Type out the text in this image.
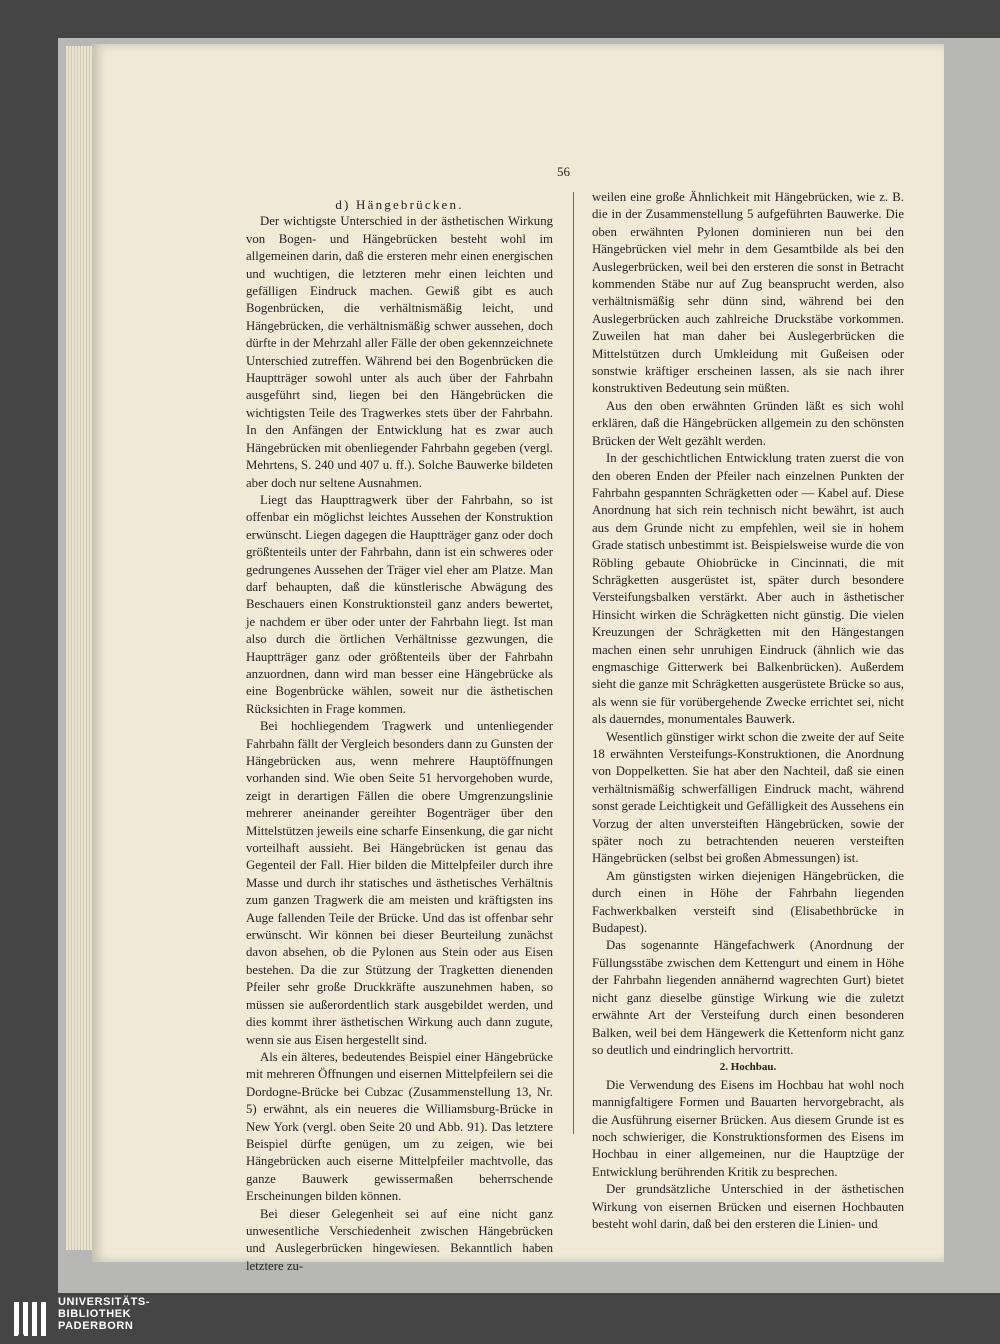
56

d) Hängebrücken.

Der wichtigste Unterschied in der ästhetischen Wirkung von Bogen- und Hängebrücken besteht wohl im allgemeinen darin, daß die ersteren mehr einen energischen und wuchtigen, die letzteren mehr einen leichten und gefälligen Eindruck machen. Gewiß gibt es auch Bogenbrücken, die verhältnismäßig leicht, und Hängebrücken, die verhältnismäßig schwer aussehen, doch dürfte in der Mehrzahl aller Fälle der oben gekennzeichnete Unterschied zutreffen. Während bei den Bogenbrücken die Hauptträger sowohl unter als auch über der Fahrbahn ausgeführt sind, liegen bei den Hängebrücken die wichtigsten Teile des Tragwerkes stets über der Fahrbahn. In den Anfängen der Entwicklung hat es zwar auch Hängebrücken mit obenliegender Fahrbahn gegeben (vergl. Mehrtens, S. 240 und 407 u. ff.). Solche Bauwerke bildeten aber doch nur seltene Ausnahmen.

Liegt das Haupttragwerk über der Fahrbahn, so ist offenbar ein möglichst leichtes Aussehen der Konstruktion erwünscht. Liegen dagegen die Hauptträger ganz oder doch größtenteils unter der Fahrbahn, dann ist ein schweres oder gedrungenes Aussehen der Träger viel eher am Platze. Man darf behaupten, daß die künstlerische Abwägung des Beschauers einen Konstruktionsteil ganz anders bewertet, je nachdem er über oder unter der Fahrbahn liegt. Ist man also durch die örtlichen Verhältnisse gezwungen, die Hauptträger ganz oder größtenteils über der Fahrbahn anzuordnen, dann wird man besser eine Hängebrücke als eine Bogenbrücke wählen, soweit nur die ästhetischen Rücksichten in Frage kommen.

Bei hochliegendem Tragwerk und untenliegender Fahrbahn fällt der Vergleich besonders dann zu Gunsten der Hängebrücken aus, wenn mehrere Hauptöffnungen vorhanden sind. Wie oben Seite 51 hervorgehoben wurde, zeigt in derartigen Fällen die obere Umgrenzungslinie mehrerer aneinander gereihter Bogenträger über den Mittelstützen jeweils eine scharfe Einsenkung, die gar nicht vorteilhaft aussieht. Bei Hängebrücken ist genau das Gegenteil der Fall. Hier bilden die Mittelpfeiler durch ihre Masse und durch ihr statisches und ästhetisches Verhältnis zum ganzen Tragwerk die am meisten und kräftigsten ins Auge fallenden Teile der Brücke. Und das ist offenbar sehr erwünscht. Wir können bei dieser Beurteilung zunächst davon absehen, ob die Pylonen aus Stein oder aus Eisen bestehen. Da die zur Stützung der Tragketten dienenden Pfeiler sehr große Druckkräfte auszunehmen haben, so müssen sie außerordentlich stark ausgebildet werden, und dies kommt ihrer ästhetischen Wirkung auch dann zugute, wenn sie aus Eisen hergestellt sind.

Als ein älteres, bedeutendes Beispiel einer Hängebrücke mit mehreren Öffnungen und eisernen Mittelpfeilern sei die Dordogne-Brücke bei Cubzac (Zusammenstellung 13, Nr. 5) erwähnt, als ein neueres die Williamsburg-Brücke in New York (vergl. oben Seite 20 und Abb. 91). Das letztere Beispiel dürfte genügen, um zu zeigen, wie bei Hängebrücken auch eiserne Mittelpfeiler machtvolle, das ganze Bauwerk gewissermaßen beherrschende Erscheinungen bilden können.

Bei dieser Gelegenheit sei auf eine nicht ganz unwesentliche Verschiedenheit zwischen Hängebrücken und Auslegerbrücken hingewiesen. Bekanntlich haben letztere zu-

weilen eine große Ähnlichkeit mit Hängebrücken, wie z. B. die in der Zusammenstellung 5 aufgeführten Bauwerke. Die oben erwähnten Pylonen dominieren nun bei den Hängebrücken viel mehr in dem Gesamtbilde als bei den Auslegerbrücken, weil bei den ersteren die sonst in Betracht kommenden Stäbe nur auf Zug beansprucht werden, also verhältnismäßig sehr dünn sind, während bei den Auslegerbrücken auch zahlreiche Druckstäbe vorkommen. Zuweilen hat man daher bei Auslegerbrücken die Mittelstützen durch Umkleidung mit Gußeisen oder sonstwie kräftiger erscheinen lassen, als sie nach ihrer konstruktiven Bedeutung sein müßten.

Aus den oben erwähnten Gründen läßt es sich wohl erklären, daß die Hängebrücken allgemein zu den schönsten Brücken der Welt gezählt werden.

In der geschichtlichen Entwicklung traten zuerst die von den oberen Enden der Pfeiler nach einzelnen Punkten der Fahrbahn gespannten Schrägketten oder — Kabel auf. Diese Anordnung hat sich rein technisch nicht bewährt, ist auch aus dem Grunde nicht zu empfehlen, weil sie in hohem Grade statisch unbestimmt ist. Beispielsweise wurde die von Röbling gebaute Ohiobrücke in Cincinnati, die mit Schrägketten ausgerüstet ist, später durch besondere Versteifungsbalken verstärkt. Aber auch in ästhetischer Hinsicht wirken die Schrägketten nicht günstig. Die vielen Kreuzungen der Schrägketten mit den Hängestangen machen einen sehr unruhigen Eindruck (ähnlich wie das engmaschige Gitterwerk bei Balkenbrücken). Außerdem sieht die ganze mit Schrägketten ausgerüstete Brücke so aus, als wenn sie für vorübergehende Zwecke errichtet sei, nicht als dauerndes, monumentales Bauwerk.

Wesentlich günstiger wirkt schon die zweite der auf Seite 18 erwähnten Versteifungs-Konstruktionen, die Anordnung von Doppelketten. Sie hat aber den Nachteil, daß sie einen verhältnismäßig schwerfälligen Eindruck macht, während sonst gerade Leichtigkeit und Gefälligkeit des Aussehens ein Vorzug der alten unversteiften Hängebrücken, sowie der später noch zu betrachtenden neueren versteiften Hängebrücken (selbst bei großen Abmessungen) ist.

Am günstigsten wirken diejenigen Hängebrücken, die durch einen in Höhe der Fahrbahn liegenden Fachwerkbalken versteift sind (Elisabethbrücke in Budapest).

Das sogenannte Hängefachwerk (Anordnung der Füllungsstäbe zwischen dem Kettengurt und einem in Höhe der Fahrbahn liegenden annähernd wagrechten Gurt) bietet nicht ganz dieselbe günstige Wirkung wie die zuletzt erwähnte Art der Versteifung durch einen besonderen Balken, weil bei dem Hängewerk die Kettenform nicht ganz so deutlich und eindringlich hervortritt.

2. Hochbau.

Die Verwendung des Eisens im Hochbau hat wohl noch mannigfaltigere Formen und Bauarten hervorgebracht, als die Ausführung eiserner Brücken. Aus diesem Grunde ist es noch schwieriger, die Konstruktionsformen des Eisens im Hochbau in einer allgemeinen, nur die Hauptzüge der Entwicklung berührenden Kritik zu besprechen.

Der grundsätzliche Unterschied in der ästhetischen Wirkung von eisernen Brücken und eisernen Hochbauten besteht wohl darin, daß bei den ersteren die Linien- und

UNIVERSITÄTS-
BIBLIOTHEK
PADERBORN
